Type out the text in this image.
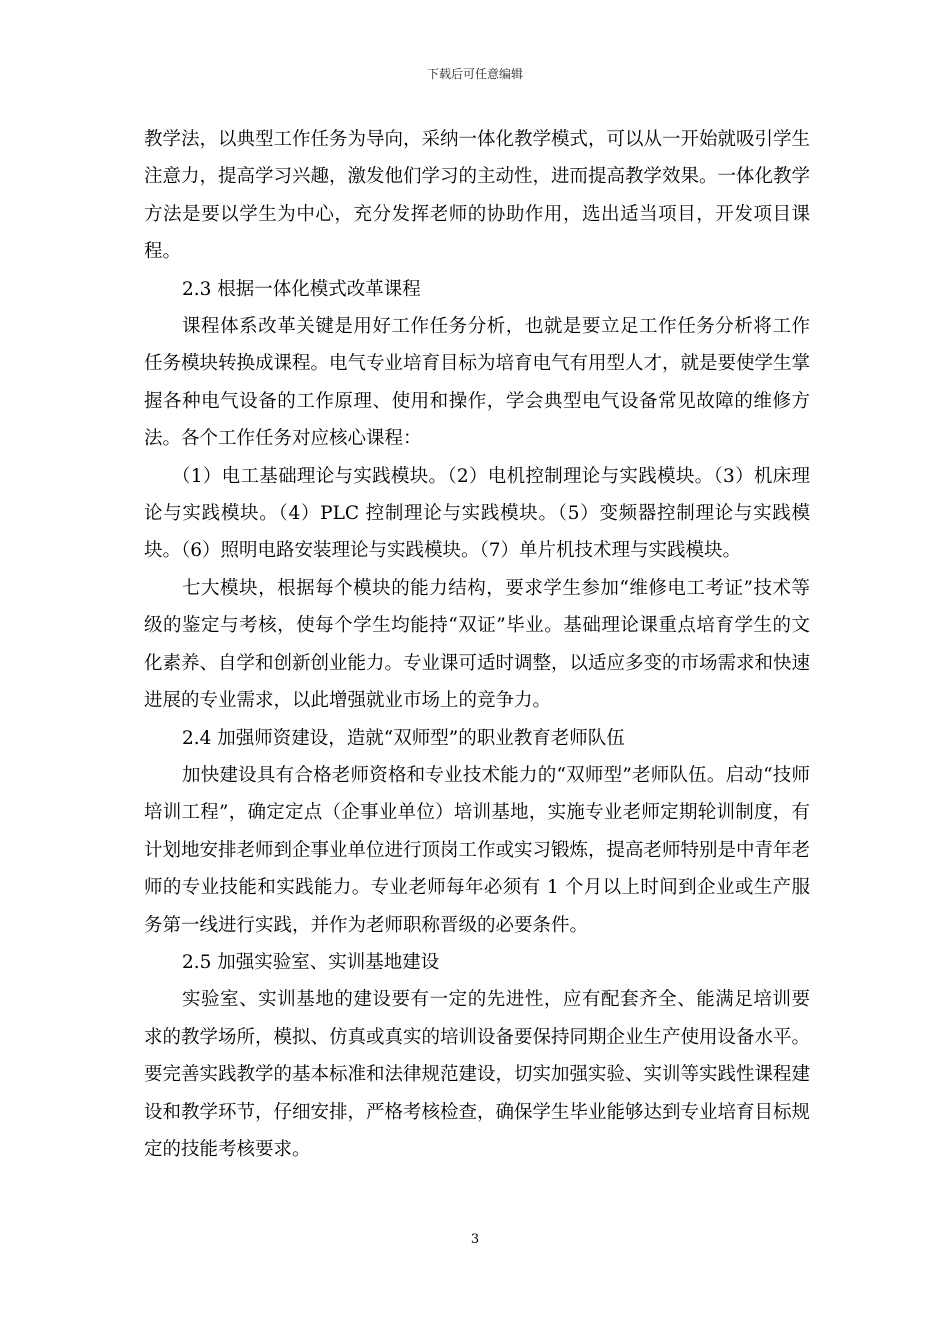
下载后可任意编辑

教学法，以典型工作任务为导向，采纳一体化教学模式，可以从一开始就吸引学生注意力，提高学习兴趣，激发他们学习的主动性，进而提高教学效果。一体化教学方法是要以学生为中心，充分发挥老师的协助作用，选出适当项目，开发项目课程。

2.3 根据一体化模式改革课程

课程体系改革关键是用好工作任务分析，也就是要立足工作任务分析将工作任务模块转换成课程。电气专业培育目标为培育电气有用型人才，就是要使学生掌握各种电气设备的工作原理、使用和操作，学会典型电气设备常见故障的维修方法。各个工作任务对应核心课程：

（1）电工基础理论与实践模块。（2）电机控制理论与实践模块。（3）机床理论与实践模块。（4）PLC 控制理论与实践模块。（5）变频器控制理论与实践模块。（6）照明电路安装理论与实践模块。（7）单片机技术理与实践模块。

七大模块，根据每个模块的能力结构，要求学生参加“维修电工考证”技术等级的鉴定与考核，使每个学生均能持“双证”毕业。基础理论课重点培育学生的文化素养、自学和创新创业能力。专业课可适时调整，以适应多变的市场需求和快速进展的专业需求，以此增强就业市场上的竞争力。

2.4 加强师资建设，造就“双师型”的职业教育老师队伍

加快建设具有合格老师资格和专业技术能力的“双师型”老师队伍。启动“技师培训工程”，确定定点（企事业单位）培训基地，实施专业老师定期轮训制度，有计划地安排老师到企事业单位进行顶岗工作或实习锻炼，提高老师特别是中青年老师的专业技能和实践能力。专业老师每年必须有 1 个月以上时间到企业或生产服务第一线进行实践，并作为老师职称晋级的必要条件。

2.5 加强实验室、实训基地建设

实验室、实训基地的建设要有一定的先进性，应有配套齐全、能满足培训要求的教学场所，模拟、仿真或真实的培训设备要保持同期企业生产使用设备水平。要完善实践教学的基本标准和法律规范建设，切实加强实验、实训等实践性课程建设和教学环节，仔细安排，严格考核检查，确保学生毕业能够达到专业培育目标规定的技能考核要求。

3
